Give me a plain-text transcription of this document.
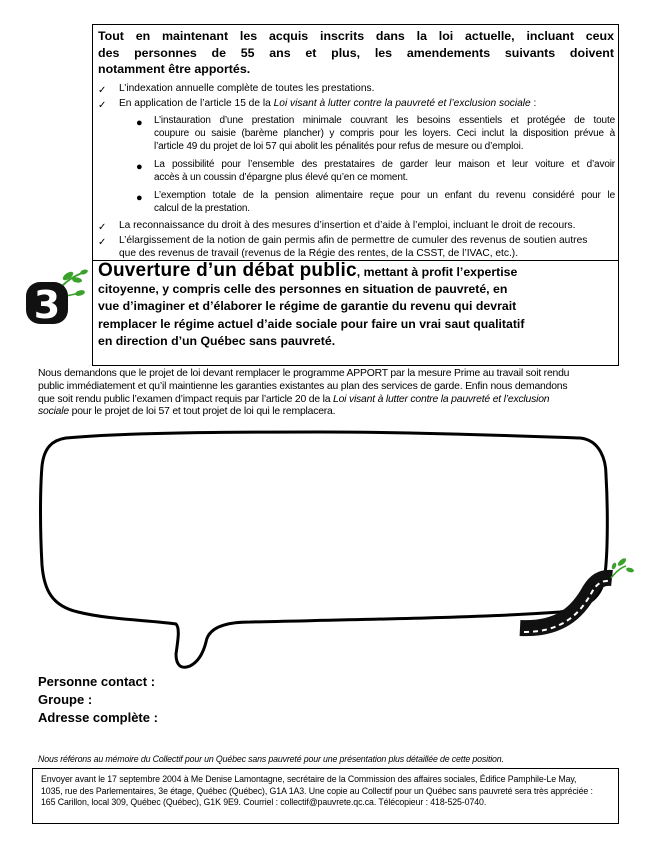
Tout en maintenant les acquis inscrits dans la loi actuelle, incluant ceux
des personnes de 55 ans et plus, les amendements suivants doivent
notamment être apportés.
✓ L’indexation annuelle complète de toutes les prestations.
✓ En application de l’article 15 de la Loi visant à lutter contre la pauvreté et l’exclusion sociale :
● L’instauration d’une prestation minimale couvrant les besoins essentiels et protégée de toute
coupure ou saisie (barème plancher) y compris pour les loyers. Ceci inclut la disposition prévue à
l’article 49 du projet de loi 57 qui abolit les pénalités pour refus de mesure ou d’emploi.
● La possibilité pour l’ensemble des prestataires de garder leur maison et leur voiture et d’avoir
accès à un coussin d’épargne plus élevé qu’en ce moment.
● L’exemption totale de la pension alimentaire reçue pour un enfant du revenu considéré pour le
calcul de la prestation.
✓ La reconnaissance du droit à des mesures d’insertion et d’aide à l’emploi, incluant le droit de recours.
✓ L’élargissement de la notion de gain permis afin de permettre de cumuler des revenus de soutien autres
que des revenus de travail (revenus de la Régie des rentes, de la CSST, de l’IVAC, etc.).
3
Ouverture d’un débat public, mettant à profit l’expertise
citoyenne, y compris celle des personnes en situation de pauvreté, en
vue d’imaginer et d’élaborer le régime de garantie du revenu qui devrait
remplacer le régime actuel d’aide sociale pour faire un vrai saut qualitatif
en direction d’un Québec sans pauvreté.
Nous demandons que le projet de loi devant remplacer le programme APPORT par la mesure Prime au travail soit rendu
public immédiatement et qu’il maintienne les garanties existantes au plan des services de garde. Enfin nous demandons
que soit rendu public l’examen d’impact requis par l’article 20 de la Loi visant à lutter contre la pauvreté et l’exclusion
sociale pour le projet de loi 57 et tout projet de loi qui le remplacera.
Personne contact :
Groupe :
Adresse complète :
Nous référons au mémoire du Collectif pour un Québec sans pauvreté pour une présentation plus détaillée de cette position.
Envoyer avant le 17 septembre 2004 à Me Denise Lamontagne, secrétaire de la Commission des affaires sociales, Édifice Pamphile-Le May,
1035, rue des Parlementaires, 3e étage, Québec (Québec), G1A 1A3. Une copie au Collectif pour un Québec sans pauvreté sera très appréciée :
165 Carillon, local 309, Québec (Québec), G1K 9E9. Courriel : collectif@pauvrete.qc.ca. Télécopieur : 418-525-0740.
